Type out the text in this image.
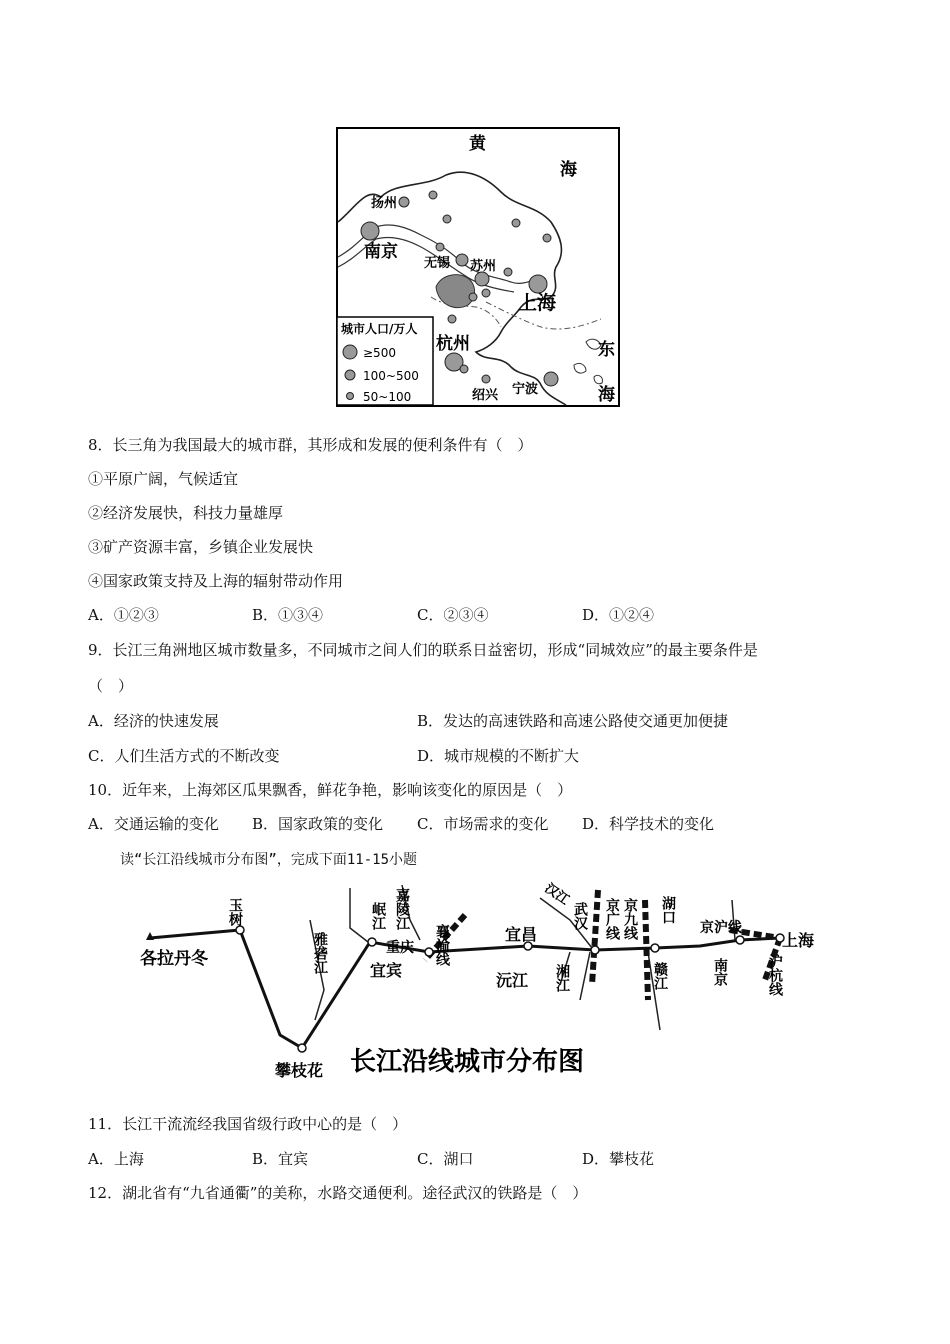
黄
海
东
海
扬州
南京
无锡 苏州
上海
杭州
绍兴 宁波
城市人口/万人
≥500
100~500
50~100
8．长三角为我国最大的城市群，其形成和发展的便利条件有（　）
①平原广阔，气候适宜
②经济发展快，科技力量雄厚
③矿产资源丰富，乡镇企业发展快
④国家政策支持及上海的辐射带动作用
A．①②③	B．①③④	C．②③④	D．①②④
9．长江三角洲地区城市数量多，不同城市之间人们的联系日益密切，形成“同城效应”的最主要条件是
（　）
A．经济的快速发展	B．发达的高速铁路和高速公路使交通更加便捷
C．人们生活方式的不断改变	D．城市规模的不断扩大
10．近年来，上海郊区瓜果飘香，鲜花争艳，影响该变化的原因是（　）
A．交通运输的变化 B．国家政策的变化 C．市场需求的变化 D．科学技术的变化
读“长江沿线城市分布图”，完成下面11-15小题
各拉丹冬
玉树
攀枝花
雅砻江
岷江 嘉陵江
宜宾
重庆 襄渝线	宜昌
沅江
汉江
武汉
湘江
京广线 京九线 湖口
赣江	南京
京沪线
沪杭线
上海
长江沿线城市分布图
11．长江干流流经我国省级行政中心的是（　）
A．上海	B．宜宾	C．湖口	D．攀枝花
12．湖北省有“九省通衢”的美称，水路交通便利。途径武汉的铁路是（　）
